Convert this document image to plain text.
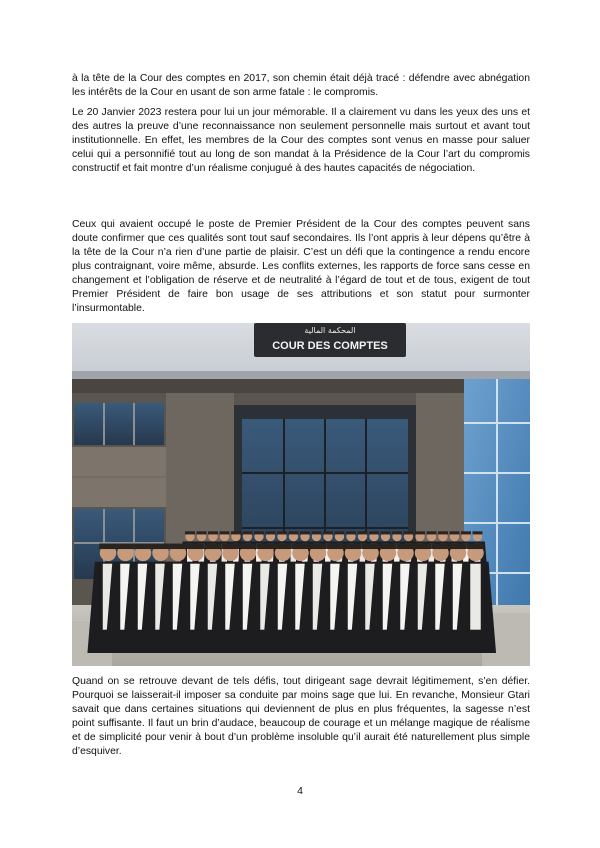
à la tête de la Cour des comptes en 2017, son chemin était déjà tracé : défendre avec abnégation les intérêts de la Cour en usant de son arme fatale : le compromis.

Le 20 Janvier 2023 restera pour lui un jour mémorable. Il a clairement vu dans les yeux des uns et des autres la preuve d’une reconnaissance non seulement personnelle mais surtout et avant tout institutionnelle. En effet, les membres de la Cour des comptes sont venus en masse pour saluer celui qui a personnifié tout au long de son mandat à la Présidence de la Cour l’art du compromis constructif et fait montre d’un réalisme conjugué à des hautes capacités de négociation.

Ceux qui avaient occupé le poste de Premier Président de la Cour des comptes peuvent sans doute confirmer que ces qualités sont tout sauf secondaires. Ils l’ont appris à leur dépens qu’être à la tête de la Cour n’a rien d’une partie de plaisir. C’est un défi que la contingence a rendu encore plus contraignant, voire même, absurde. Les conflits externes, les rapports de force sans cesse en changement et l’obligation de réserve et de neutralité à l’égard de tout et de tous, exigent de tout Premier Président de faire bon usage de ses attributions et son statut pour surmonter l’insurmontable.

المحكمة المالية
COUR DES COMPTES

Quand on se retrouve devant de tels défis, tout dirigeant sage devrait légitimement, s’en défier. Pourquoi se laisserait-il imposer sa conduite par moins sage que lui. En revanche, Monsieur Gtari savait que dans certaines situations qui deviennent de plus en plus fréquentes, la sagesse n’est point suffisante. Il faut un brin d’audace, beaucoup de courage et un mélange magique de réalisme et de simplicité pour venir à bout d’un problème insoluble qu’il aurait été naturellement plus simple d’esquiver.

4
